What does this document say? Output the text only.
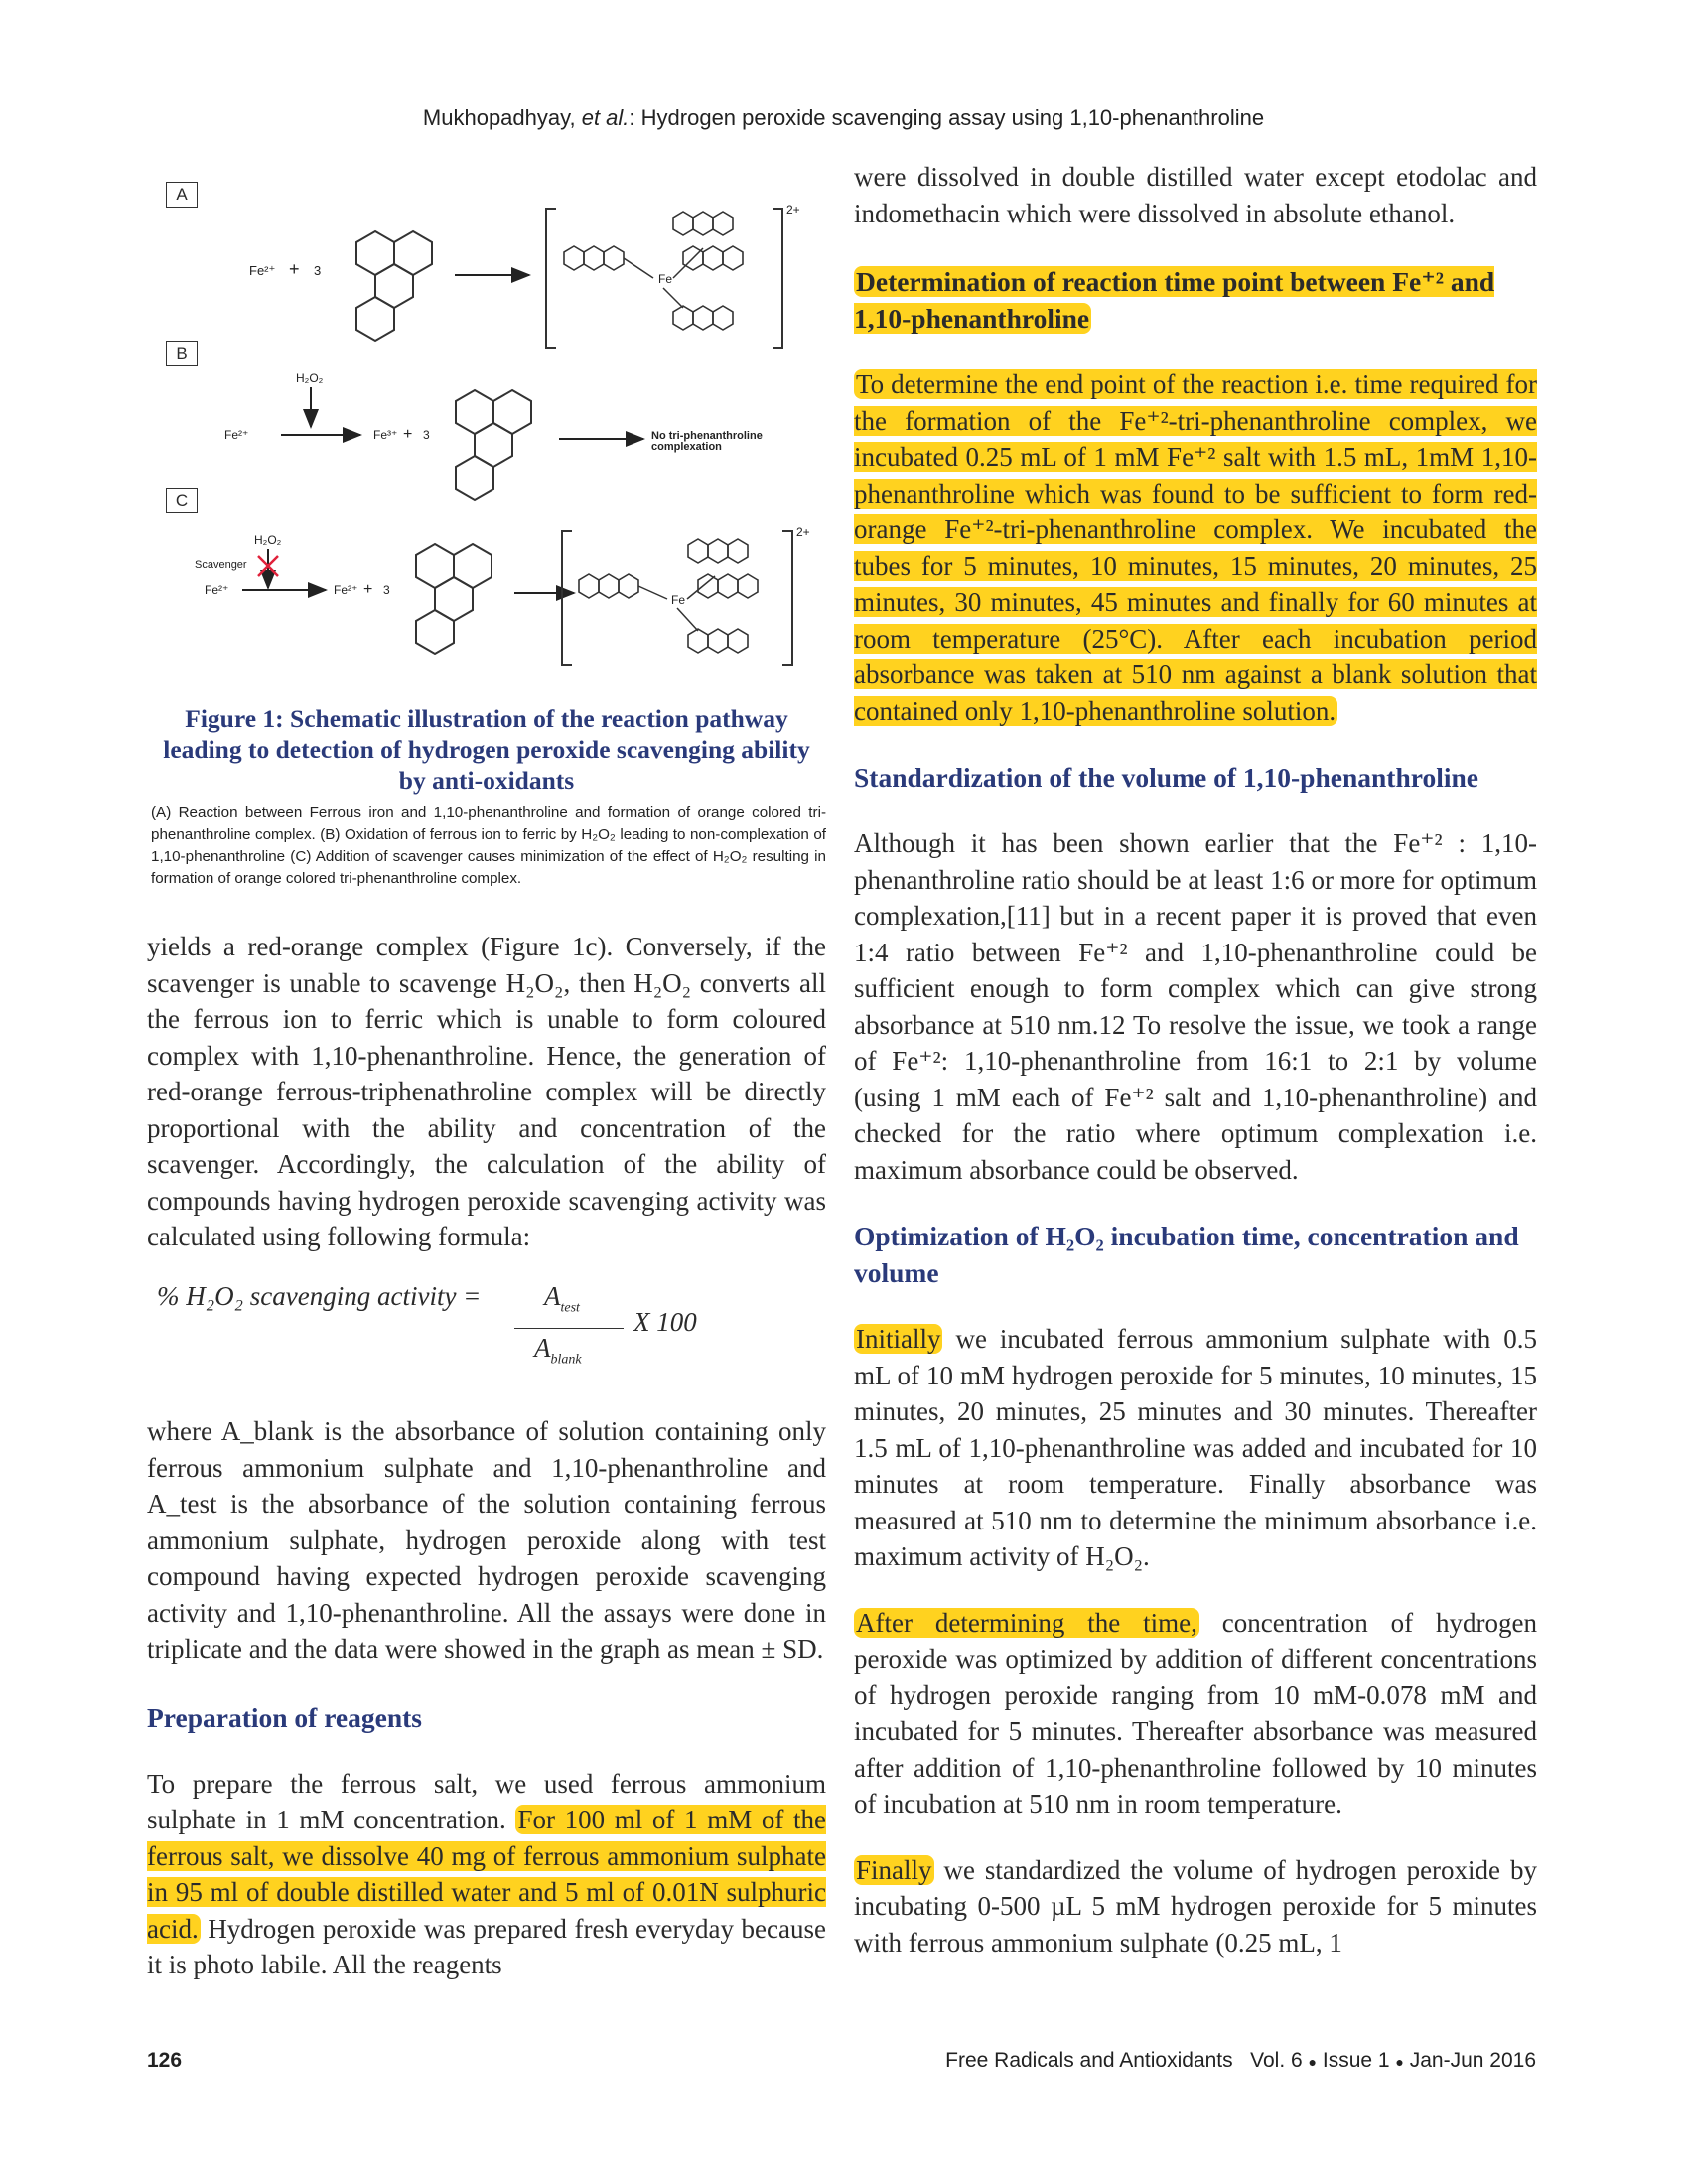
Mukhopadhyay, et al.: Hydrogen peroxide scavenging assay using 1,10-phenanthroline
A
B
C
Fe²⁺ + 3
2+
Fe
H₂O₂
Fe²⁺	Fe³⁺ + 3	No tri-phenanthroline
complexation
H₂O₂
Scavenger
Fe²⁺	Fe²⁺ + 3
2+
Fe
Figure 1: Schematic illustration of the reaction pathway leading to detection of hydrogen peroxide scavenging ability by anti-oxidants
(A) Reaction between Ferrous iron and 1,10-phenanthroline and formation of orange colored tri-phenanthroline complex. (B) Oxidation of ferrous ion to ferric by H₂O₂ leading to non-complexation of 1,10-phenanthroline (C) Addition of scavenger causes minimization of the effect of H₂O₂ resulting in formation of orange colored tri-phenanthroline complex.

yields a red-orange complex (Figure 1c). Conversely, if the scavenger is unable to scavenge H₂O₂, then H₂O₂ converts all the ferrous ion to ferric which is unable to form coloured complex with 1,10-phenanthroline. Hence, the generation of red-orange ferrous-triphenathroline complex will be directly proportional with the ability and concentration of the scavenger. Accordingly, the calculation of the ability of compounds having hydrogen peroxide scavenging activity was calculated using following formula:

% H₂O₂ scavenging activity = $A_{test}$
$A_{blank}$
X 100

where A_blank is the absorbance of solution containing only ferrous ammonium sulphate and 1,10-phenanthroline and A_test is the absorbance of the solution containing ferrous ammonium sulphate, hydrogen peroxide along with test compound having expected hydrogen peroxide scavenging activity and 1,10-phenanthroline. All the assays were done in triplicate and the data were showed in the graph as mean ± SD.

Preparation of reagents

To prepare the ferrous salt, we used ferrous ammonium sulphate in 1 mM concentration. For 100 ml of 1 mM of the ferrous salt, we dissolve 40 mg of ferrous ammonium sulphate in 95 ml of double distilled water and 5 ml of 0.01N sulphuric acid. Hydrogen peroxide was prepared fresh everyday because it is photo labile. All the reagents

were dissolved in double distilled water except etodolac and indomethacin which were dissolved in absolute ethanol.

Determination of reaction time point between Fe⁺² and 1,10-phenanthroline

To determine the end point of the reaction i.e. time required for the formation of the Fe⁺²-tri-phenanthroline complex, we incubated 0.25 mL of 1 mM Fe⁺² salt with 1.5 mL, 1mM 1,10-phenanthroline which was found to be sufficient to form red-orange Fe⁺²-tri-phenanthroline complex. We incubated the tubes for 5 minutes, 10 minutes, 15 minutes, 20 minutes, 25 minutes, 30 minutes, 45 minutes and finally for 60 minutes at room temperature (25°C). After each incubation period absorbance was taken at 510 nm against a blank solution that contained only 1,10-phenanthroline solution.

Standardization of the volume of 1,10-phenanthroline

Although it has been shown earlier that the Fe⁺² : 1,10-phenanthroline ratio should be at least 1:6 or more for optimum complexation,[11] but in a recent paper it is proved that even 1:4 ratio between Fe⁺² and 1,10-phenanthroline could be sufficient enough to form complex which can give strong absorbance at 510 nm.12 To resolve the issue, we took a range of Fe⁺²: 1,10-phenanthroline from 16:1 to 2:1 by volume (using 1 mM each of Fe⁺² salt and 1,10-phenanthroline) and checked for the ratio where optimum complexation i.e. maximum absorbance could be observed.

Optimization of H₂O₂ incubation time, concentration and volume

Initially we incubated ferrous ammonium sulphate with 0.5 mL of 10 mM hydrogen peroxide for 5 minutes, 10 minutes, 15 minutes, 20 minutes, 25 minutes and 30 minutes. Thereafter 1.5 mL of 1,10-phenanthroline was added and incubated for 10 minutes at room temperature. Finally absorbance was measured at 510 nm to determine the minimum absorbance i.e. maximum activity of H₂O₂.

After determining the time, concentration of hydrogen peroxide was optimized by addition of different concentrations of hydrogen peroxide ranging from 10 mM-0.078 mM and incubated for 5 minutes. Thereafter absorbance was measured after addition of 1,10-phenanthroline followed by 10 minutes of incubation at 510 nm in room temperature.

Finally we standardized the volume of hydrogen peroxide by incubating 0-500 µL 5 mM hydrogen peroxide for 5 minutes with ferrous ammonium sulphate (0.25 mL, 1

126	Free Radicals and Antioxidants Vol. 6 ● Issue 1 ● Jan-Jun 2016
